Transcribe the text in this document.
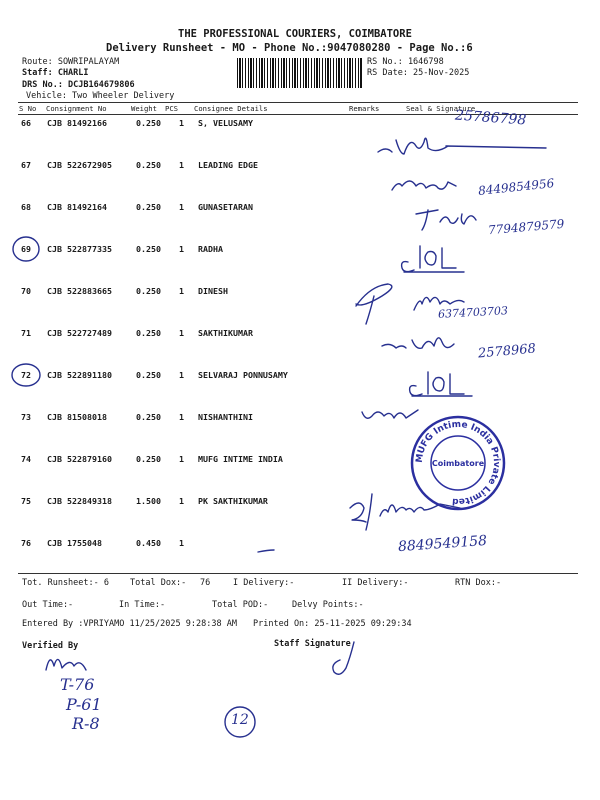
THE PROFESSIONAL COURIERS, COIMBATORE
Delivery Runsheet - MO - Phone No.:9047080280 - Page No.:6
Route: SOWRIPALAYAM
Staff: CHARLI
DRS No.: DCJB164679806
Vehicle: Two Wheeler Delivery
RS No.: 1646798
RS Date: 25-Nov-2025
S No Consignment No	Weight PCS Consignee Details	Remarks	Seal & Signature
66 CJB 81492166	0.250 1 S, VELUSAMY
67 CJB 522672905	0.250 1 LEADING EDGE
68 CJB 81492164	0.250 1 GUNASETARAN
69 CJB 522877335	0.250 1 RADHA
70 CJB 522883665	0.250 1 DINESH
71 CJB 522727489	0.250 1 SAKTHIKUMAR
72 CJB 522891180	0.250 1 SELVARAJ PONNUSAMY
73 CJB 81508018	0.250 1 NISHANTHINI
74 CJB 522879160	0.250 1 MUFG INTIME INDIA
75 CJB 522849318	1.500 1 PK SAKTHIKUMAR
76 CJB 1755048	0.450 1
25786798
8449854956
7794879579
6374703703
2578968
8849549158
MUFG Intime India Private Limited
Coimbatore
Tot. Runsheet:- 6 Total Dox:- 76	I Delivery:-	II Delivery:-	RTN Dox:-
Out Time:-	In Time:-	Total POD:-	Delvy Points:-
Entered By :VPRIYAMO 11/25/2025 9:28:38 AM Printed On: 25-11-2025 09:29:34
Verified By	Staff Signature
T-76
P-61
R-8	12
